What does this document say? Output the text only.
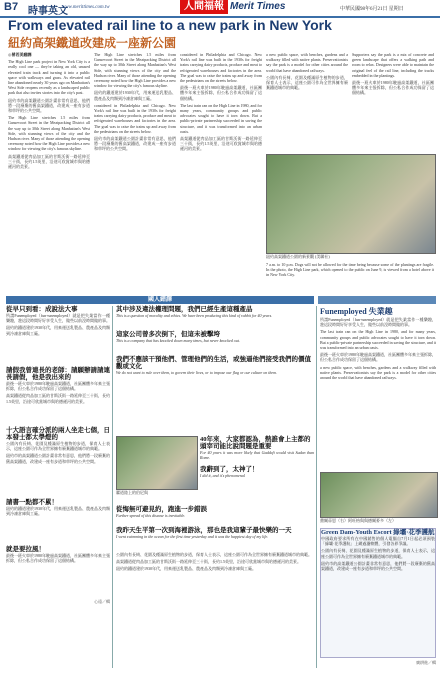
B7 時事英文
www.merittimes.com.tw	人間福報 Merit Times	中華民國98年6月21日 星期日
From elevated rail line to a new park in New York
紐約高架鐵道改建成一座新公園

◎曾若美翻譯

The High Line park project in New York City is a really cool one — they're taking an old, unused elevated train track and turning it into a public space with walkways and grass. As elevated rail line abandoned nearly 30 years ago on Manhattan's West Side reopens recently as a landscaped public park that also invites stories into the city's past.

紐約市的高架鐵道公園計畫非常有意思，他們將一段廢棄的舊高架鐵道，改建成一座有步道和草坪的公共空間。

The High Line stretches 1.5 miles from Gansevoort Street in the Meatpacking District all the way up to 30th Street along Manhattan's West Side, with stunning views of the city and the Hudson river. Many of those attending the opening ceremony noted how the High Line provides a new window for viewing the city's famous skyline.

高架鐵道從肉品加工區的甘斯沃街一路延伸至三十街，長約1.5英里，沿途可欣賞城市與哈德遜河的美景。

The High Line stretches 1.5 miles from Gansevoort Street in the Meatpacking District all the way up to 30th Street along Manhattan's West Side, with stunning views of the city and the Hudson river. Many of those attending the opening ceremony noted how the High Line provides a new window for viewing the city's famous skyline.

紐約的鐵道建於1930年代，用來運送乳製品、農產品及肉類到冷凍倉庫與工廠。

considered in Philadelphia and Chicago. New York's rail line was built in the 1930s for freight trains carrying dairy products, produce and meat to refrigerated warehouses and factories in the area. The goal was to raise the trains up and away from the pedestrians on the streets below.

紐約市的高架鐵道公園計畫非常有意思，他們將一段廢棄的舊高架鐵道，改建成一座有步道和草坪的公共空間。

considered in Philadelphia and Chicago. New York's rail line was built in the 1930s for freight trains carrying dairy products, produce and meat to refrigerated warehouses and factories in the area. The goal was to raise the trains up and away from the pedestrians on the streets below.

最後一班火車於1980年駛過高架鐵道，社區團體多年來主張拆除，但公私合作成功保留了這個結構。

The last train ran on the High Line in 1980, and for many years, community groups and public advocates sought to have it torn down. But a public-private partnership succeeded in saving the structure, and it was transformed into an urban oasis.

高架鐵道從肉品加工區的甘斯沃街一路延伸至三十街，長約1.5英里，沿途可欣賞城市與哈德遜河的美景。

a new public space, with benches, gardens and a walkway filled with native plants. Preservationists say the park is a model for other cities around the world that have abandoned railways.

公園內有長椅、花園及種滿原生植物的步道，保育人士表示，這座公園可作為全世界擁有廢棄鐵道城市的典範。

Supporters say the park is a mix of concrete and green landscape that offers a walking path and room to relax. Designers were able to maintain the original feel of the rail line, including the tracks embedded in the plantings.

最後一班火車於1980年駛過高架鐵道，社區團體多年來主張拆除，但公私合作成功保留了這個結構。

紐約高架鐵道公園的新景觀 (美聯社)

7 a.m. to 10 p.m. Dogs will not be allowed for the time being because some of the plantings are fragile. In the photo, the High Line park, which opened to the public on June 9, is viewed from a hotel above it in New York City.

國人錯譯
從早只到看：成說法大事

所謂Funemployed（fun+unemployed）就是把失業當作一種樂趣，趁這段時間好好享受人生，做些以前沒時間做的事。

紐約的鐵道建於1930年代，用來運送乳製品、農產品及肉類到冷凍倉庫與工廠。

請假我曾連長的老師：請願辦請請連長請假，他是我出來的

最後一班火車於1980年駛過高架鐵道，社區團體多年來主張拆除，但公私合作成功保留了這個結構。

高架鐵道從肉品加工區的甘斯沃街一路延伸至三十街，長約1.5英里，沿途可欣賞城市與哈德遜河的美景。

十大語言確分派的兩人坐走七個，日本發士都太學燈的

公園內有長椅、花園及種滿原生植物的步道，保育人士表示，這座公園可作為全世界擁有廢棄鐵道城市的典範。

紐約市的高架鐵道公園計畫非常有意思，他們將一段廢棄的舊高架鐵道，改建成一座有步道和草坪的公共空間。

請書一點都不累！

紐約的鐵道建於1930年代，用來運送乳製品、農產品及肉類到冷凍倉庫與工廠。

就是要拉風！

最後一班火車於1980年駛過高架鐵道，社區團體多年來主張拆除，但公私合作成功保留了這個結構。

心遠／輯
其中涉及違法權理問題，我們已經生產這種產品

This is a question of morality and ethics. We have been producing this kind of rabbit for 40 years.

這家公司曾多次倒下，但這未被擊垮

This is a company that has knocked down many times, but never knocked out.

我們不應該干預他們、管理他們的生活，或強逼他們接受我們的價值觀或文化

We do not want to rule over them, to govern their lives, or to impose our flag or our culture on them.

蠹道陸上的伯尼與
40年來，大家都認為，熱誰會上主都的頭宰司能比說問題是重要

For 40 years it was more likely that Gaddafi would visit Sudan than Rome.

我辭到了，太神了！

I did it, and it's phenomenal

從悔無可避見約，跑進一步錯誤

Further spread of this disease is inevitable.

我昨天生平第一次到海裡游泳，那也是我這輩子最快樂的一天

I went swimming in the ocean for the first time yesterday and it was the happiest day of my life.

公園內有長椅、花園及種滿原生植物的步道，保育人士表示，這座公園可作為全世界擁有廢棄鐵道城市的典範。

高架鐵道從肉品加工區的甘斯沃街一路延伸至三十街，長約1.5英里，沿途可欣賞城市與哈德遜河的美景。

紐約的鐵道建於1930年代，用來運送乳製品、農產品及肉類到冷凍倉庫與工廠。

Funemployed 失業趣

所謂Funemployed（fun+unemployed）就是把失業當作一種樂趣，趁這段時間好好享受人生，做些以前沒時間做的事。

The last train ran on the High Line in 1980, and for many years, community groups and public advocates sought to have it torn down. But a public-private partnership succeeded in saving the structure, and it was transformed into an urban oasis.

最後一班火車於1980年駛過高架鐵道，社區團體多年來主張拆除，但公私合作成功保留了這個結構。

a new public space, with benches, gardens and a walkway filled with native plants. Preservationists say the park is a model for other cities around the world that have abandoned railways.

費爾蒂恩（右）阿旺格與與德爾麥多（左）
Green Dam-Youth Escort 綠壩·花季護航

中國政府要求所有在中國銷售的個人電腦自7月1日起必須預裝「綠壩·花季護航」上網過濾軟體，引發各界爭議。

公園內有長椅、花園及種滿原生植物的步道，保育人士表示，這座公園可作為全世界擁有廢棄鐵道城市的典範。

紐約市的高架鐵道公園計畫非常有意思，他們將一段廢棄的舊高架鐵道，改建成一座有步道和草坪的公共空間。

廣耕進／輯
